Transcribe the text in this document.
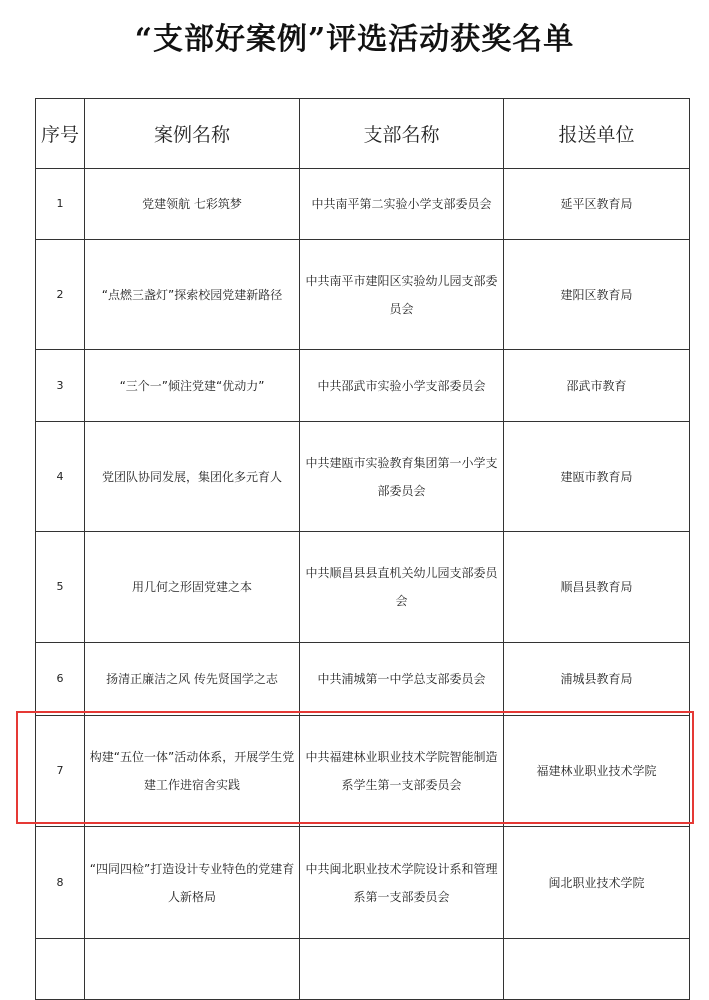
“支部好案例”评选活动获奖名单
序号	案例名称	支部名称	报送单位
1	党建领航 七彩筑梦	中共南平第二实验小学支部委员会	延平区教育局
2	“点燃三盏灯”探索校园党建新路径	中共南平市建阳区实验幼儿园支部委员会	建阳区教育局
3	“三个一”倾注党建“优动力”	中共邵武市实验小学支部委员会	邵武市教育
4	党团队协同发展，集团化多元育人	中共建瓯市实验教育集团第一小学支部委员会	建瓯市教育局
5	用几何之形固党建之本	中共顺昌县县直机关幼儿园支部委员会	顺昌县教育局
6	扬清正廉洁之风 传先贤国学之志	中共浦城第一中学总支部委员会	浦城县教育局
7	构建“五位一体”活动体系，开展学生党建工作进宿舍实践	中共福建林业职业技术学院智能制造系学生第一支部委员会	福建林业职业技术学院
8	“四同四检”打造设计专业特色的党建育人新格局	中共闽北职业技术学院设计系和管理系第一支部委员会	闽北职业技术学院
